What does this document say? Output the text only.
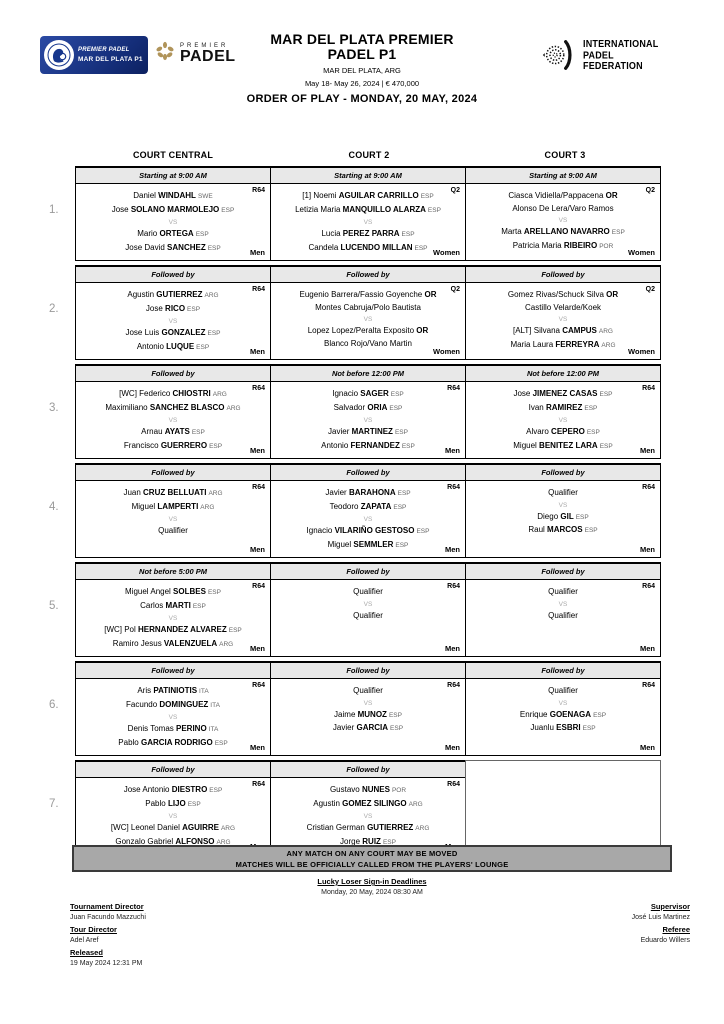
PREMIER PADEL
MAR DEL PLATA P1
PREMIER
PADEL
MAR DEL PLATA PREMIER
PADEL P1
MAR DEL PLATA, ARG
May 18- May 26, 2024 | € 470,000
INTERNATIONAL
PADEL
FEDERATION
ORDER OF PLAY - MONDAY, 20 MAY, 2024
COURT CENTRAL	COURT 2	COURT 3
1.
Starting at 9:00 AM
R64
Daniel WINDAHL SWE
Jose SOLANO MARMOLEJO ESP
VS
Mario ORTEGA ESP
Jose David SANCHEZ ESP	Men
Starting at 9:00 AM
Q2
[1] Noemi AGUILAR CARRILLO ESP
Letizia Maria MANQUILLO ALARZA ESP
VS
Lucia PEREZ PARRA ESP
Candela LUCENDO MILLAN ESP Women
Starting at 9:00 AM
Q2
Ciasca Vidiella/Pappacena OR
Alonso De Lera/Varo Ramos
VS
Marta ARELLANO NAVARRO ESP
Patricia Maria RIBEIRO POR
Women
2.
Followed by
R64
Agustin GUTIERREZ ARG
Jose RICO ESP
VS
Jose Luis GONZALEZ ESP
Antonio LUQUE ESP	Men
Followed by
Q2
Eugenio Barrera/Fassio Goyenche OR
Montes Cabruja/Polo Bautista
VS
Lopez Lopez/Peralta Exposito OR
Blanco Rojo/Vano Martin
Women
Followed by
Q2
Gomez Rivas/Schuck Silva OR
Castillo Velarde/Koek
VS
[ALT] Silvana CAMPUS ARG
Maria Laura FERREYRA ARG
Women
3.
Followed by
R64
[WC] Federico CHIOSTRI ARG
Maximiliano SANCHEZ BLASCO ARG
VS
Arnau AYATS ESP
Francisco GUERRERO ESP	Men
Not before 12:00 PM
R64
Ignacio SAGER ESP
Salvador ORIA ESP
VS
Javier MARTINEZ ESP
Antonio FERNANDEZ ESP	Men
Not before 12:00 PM
R64
Jose JIMENEZ CASAS ESP
Ivan RAMIREZ ESP
VS
Alvaro CEPERO ESP
Miguel BENITEZ LARA ESP	Men
4.
Followed by
R64
Juan CRUZ BELLUATI ARG
Miguel LAMPERTI ARG
VS
Qualifier
Men
Followed by
R64
Javier BARAHONA ESP
Teodoro ZAPATA ESP
VS
Ignacio VILARIÑO GESTOSO ESP
Miguel SEMMLER ESP	Men
Followed by
R64
Qualifier
VS
Diego GIL ESP
Raul MARCOS ESP
Men
5.
Not before 5:00 PM
R64
Miguel Angel SOLBES ESP
Carlos MARTI ESP
VS
[WC] Pol HERNANDEZ ALVAREZ ESP
Ramiro Jesus VALENZUELA ARG	Men
Followed by
R64
Qualifier
VS
Qualifier
Men
Followed by
R64
Qualifier
VS
Qualifier
Men
6.
Followed by
R64
Aris PATINIOTIS ITA
Facundo DOMINGUEZ ITA
VS
Denis Tomas PERINO ITA
Pablo GARCIA RODRIGO ESP	Men
Followed by
R64
Qualifier
VS
Jaime MUNOZ ESP
Javier GARCIA ESP
Men
Followed by
R64
Qualifier
VS
Enrique GOENAGA ESP
Juanlu ESBRI ESP
Men
7.
Followed by
R64
Jose Antonio DIESTRO ESP
Pablo LIJO ESP
VS
[WC] Leonel Daniel AGUIRRE ARG
Gonzalo Gabriel ALFONSO ARG
Followed by
R64
Gustavo NUNES POR
Agustin GOMEZ SILINGO ARG
VS
Cristian German GUTIERREZ ARG
Jorge RUIZ ESP
ANY MATCH ON ANY COURT MAY BE MOVED
MATCHES WILL BE OFFICIALLY CALLED FROM THE PLAYERS' LOUNGE
Lucky Loser Sign-in Deadlines
Monday, 20 May, 2024 08:30 AM
Tournament Director
Juan Facundo Mazzuchi
Tour Director
Adel Aref
Released
19 May 2024 12:31 PM
Supervisor
José Luis Martinez
Referee
Eduardo Willers
